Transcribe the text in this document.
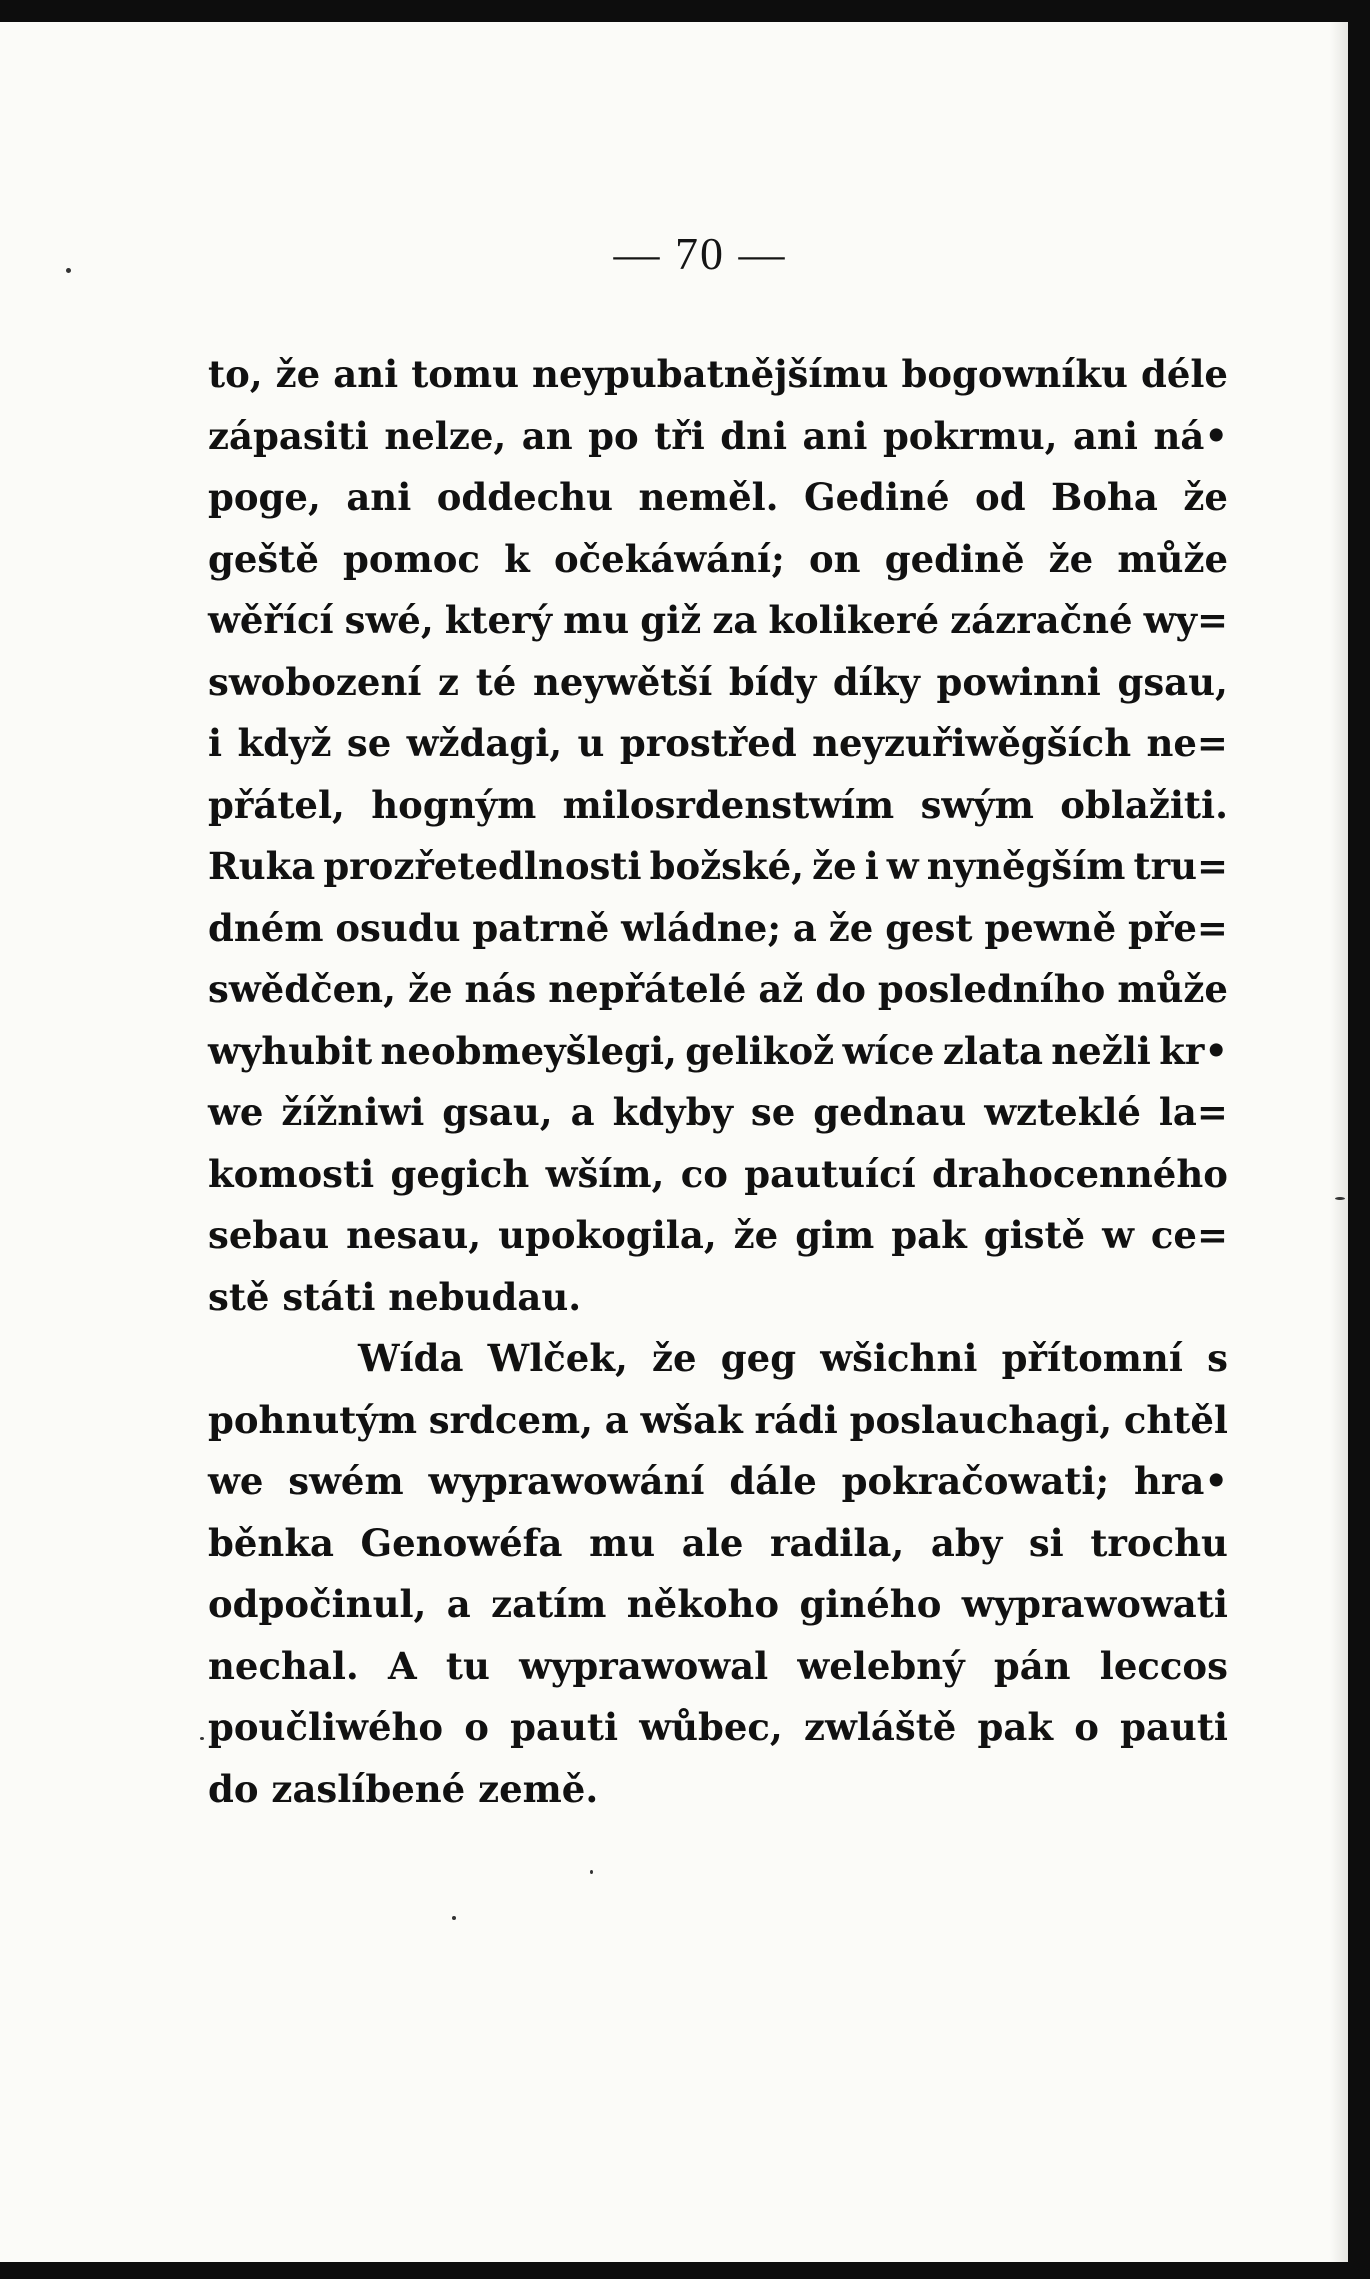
— 70 —
to, že ani tomu neypubatnějšímu bogowníku déle
zápasiti nelze, an po tři dni ani pokrmu, ani ná•
poge, ani oddechu neměl. Gediné od Boha že
geště pomoc k očekáwání; on gedině že může
wěřící swé, který mu giž za kolikeré zázračné wy=
swobození z té neywětší bídy díky powinni gsau,
i když se wždagi, u prostřed neyzuřiwěgších ne=
přátel, hogným milosrdenstwím swým oblažiti.
Ruka prozřetedlnosti božské, že i w nyněgším tru=
dném osudu patrně wládne; a že gest pewně pře=
swědčen, že nás nepřátelé až do posledního může
wyhubit neobmeyšlegi, gelikož wíce zlata nežli kr•
we žížniwi gsau, a kdyby se gednau wzteklé la=
komosti gegich wším, co pautuící drahocenného
sebau nesau, upokogila, že gim pak gistě w ce=
stě státi nebudau.
Wída Wlček, že geg wšichni přítomní s
pohnutým srdcem, a wšak rádi poslauchagi, chtěl
we swém wyprawowání dále pokračowati; hra•
běnka Genowéfa mu ale radila, aby si trochu
odpočinul, a zatím někoho giného wyprawowati
nechal. A tu wyprawowal welebný pán leccos
poučliwého o pauti wůbec, zwláště pak o pauti
do zaslíbené země.
